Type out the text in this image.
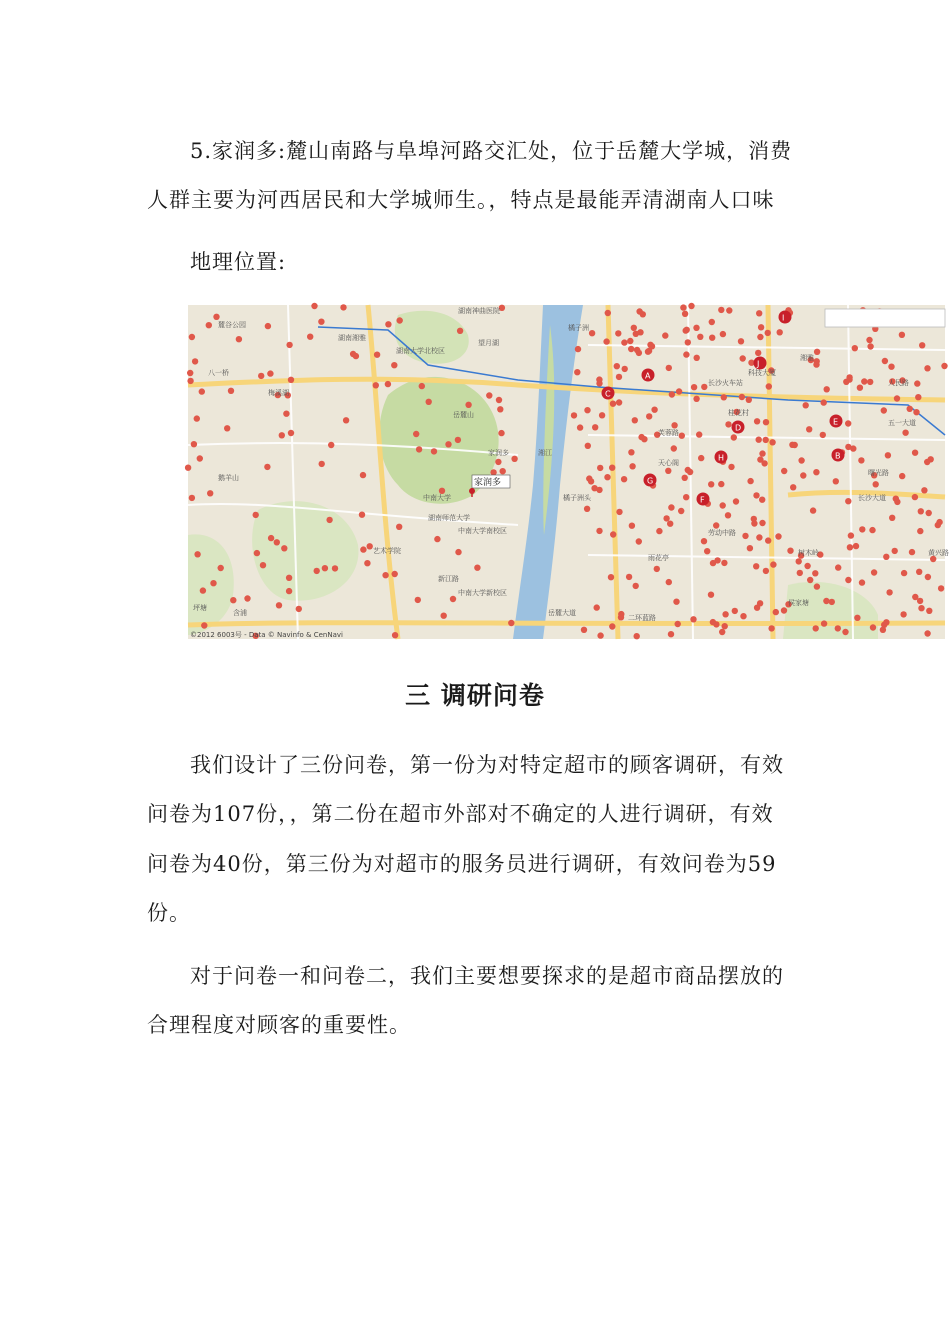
5.家润多:麓山南路与阜埠河路交汇处，位于岳麓大学城，消费
人群主要为河西居民和大学城师生。，特点是最能弄清湖南人口味
地理位置:
A
B
D
E
F
G
H
I
J
C
湖南神曲医院
麓谷公园
湖南湘雅
望月湖
湖南大学北校区
岳麓山
家润多
中南大学
湖南师范大学
中南大学南校区
艺术学院
新江路
中南大学新校区
橘子洲头
长沙火车站
湘雅
科技大厦
劳动中路
二环蓝路
树木岭
芙蓉路
五一大道
长沙大道
鹅羊山
梅溪湖
坪塘
含浦
桂花村
雨花亭
人民路
曙光路
侯家塘
天心阁
黄兴路
八一桥
岳麓大道
橘子洲
湘江
家润多
©2012 6003号 - Data © Navinfo & CenNavi
三 调研问卷
我们设计了三份问卷，第一份为对特定超市的顾客调研，有效
问卷为107份，，第二份在超市外部对不确定的人进行调研，有效
问卷为40份，第三份为对超市的服务员进行调研，有效问卷为59
份。
对于问卷一和问卷二，我们主要想要探求的是超市商品摆放的
合理程度对顾客的重要性。
